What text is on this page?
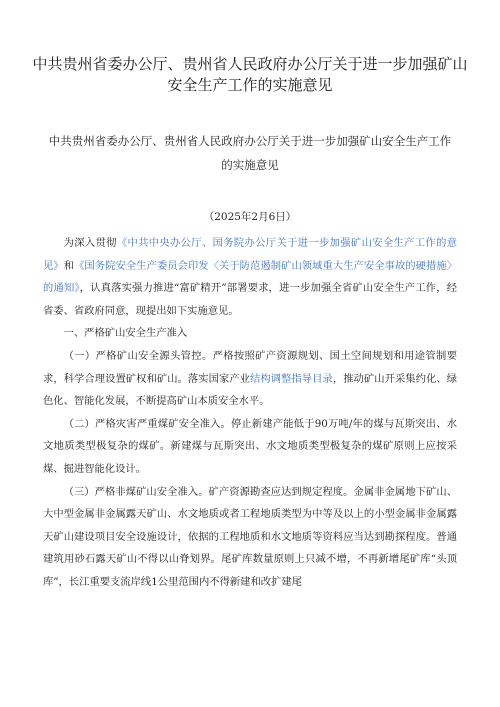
中共贵州省委办公厅、贵州省人民政府办公厅关于进一步加强矿山安全生产工作的实施意见
中共贵州省委办公厅、贵州省人民政府办公厅关于进一步加强矿山安全生产工作
的实施意见
（2025年2月6日）

为深入贯彻《中共中央办公厅、国务院办公厅关于进一步加强矿山安全生产工作的意见》和《国务院安全生产委员会印发〈关于防范遏制矿山领域重大生产安全事故的硬措施〉的通知》，认真落实强力推进“富矿精开”部署要求，进一步加强全省矿山安全生产工作，经省委、省政府同意，现提出如下实施意见。

一、严格矿山安全生产准入

（一）严格矿山安全源头管控。严格按照矿产资源规划、国土空间规划和用途管制要求，科学合理设置矿权和矿山。落实国家产业结构调整指导目录，推动矿山开采集约化、绿色化、智能化发展，不断提高矿山本质安全水平。

（二）严格灾害严重煤矿安全准入。停止新建产能低于90万吨/年的煤与瓦斯突出、水文地质类型极复杂的煤矿。新建煤与瓦斯突出、水文地质类型极复杂的煤矿原则上应按采煤、掘进智能化设计。

（三）严格非煤矿山安全准入。矿产资源勘查应达到规定程度。金属非金属地下矿山、大中型金属非金属露天矿山、水文地质或者工程地质类型为中等及以上的小型金属非金属露天矿山建设项目安全设施设计，依据的工程地质和水文地质等资料应当达到勘探程度。普通建筑用砂石露天矿山不得以山脊划界。尾矿库数量原则上只减不增，不再新增尾矿库“头顶库”，长江重要支流岸线1公里范围内不得新建和改扩建尾
